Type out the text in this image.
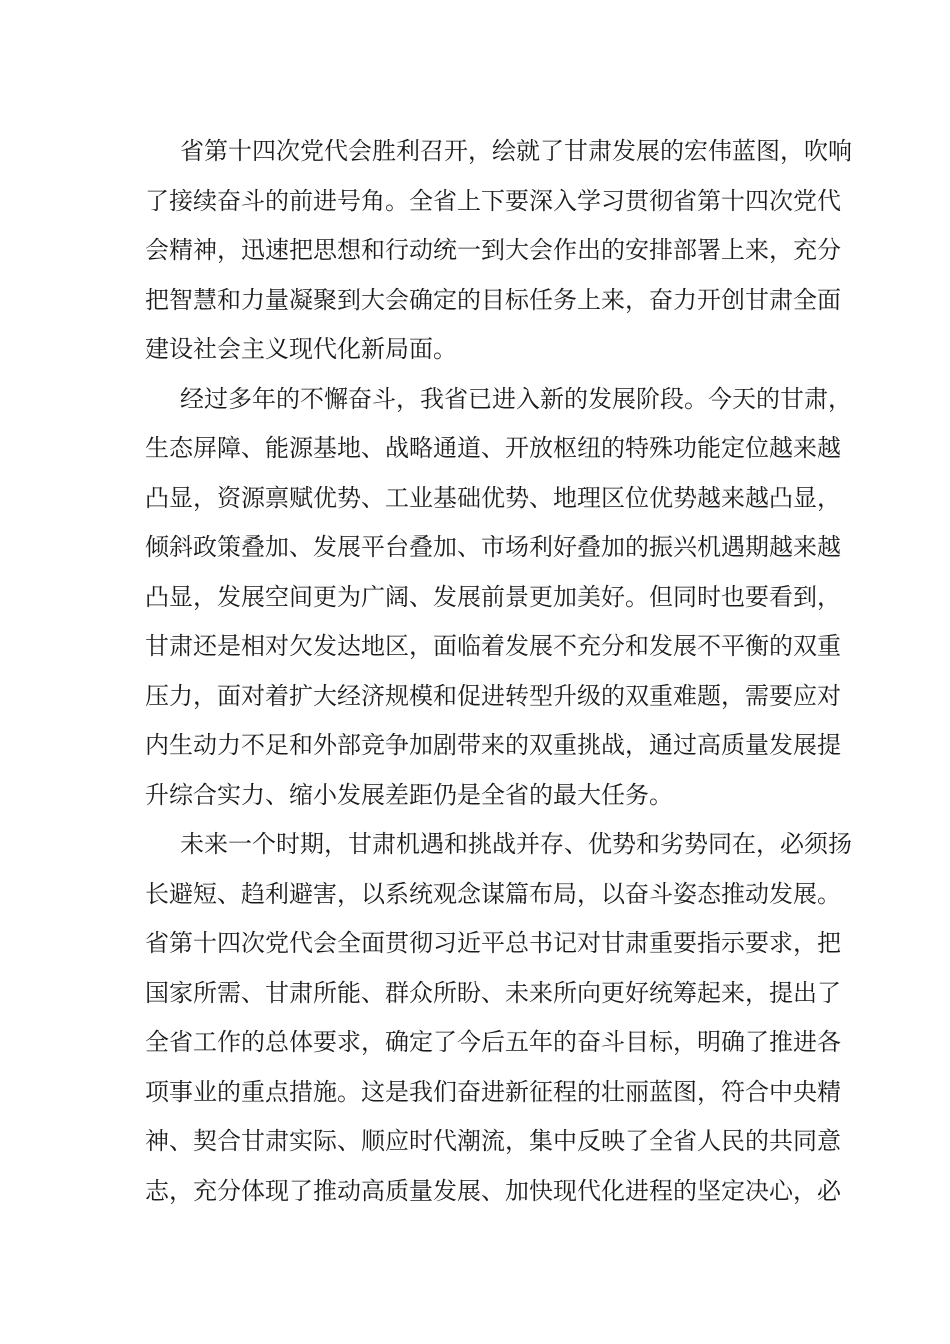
省第十四次党代会胜利召开，绘就了甘肃发展的宏伟蓝图，吹响
了接续奋斗的前进号角。全省上下要深入学习贯彻省第十四次党代
会精神，迅速把思想和行动统一到大会作出的安排部署上来，充分
把智慧和力量凝聚到大会确定的目标任务上来，奋力开创甘肃全面
建设社会主义现代化新局面。
经过多年的不懈奋斗，我省已进入新的发展阶段。今天的甘肃，
生态屏障、能源基地、战略通道、开放枢纽的特殊功能定位越来越
凸显，资源禀赋优势、工业基础优势、地理区位优势越来越凸显，
倾斜政策叠加、发展平台叠加、市场利好叠加的振兴机遇期越来越
凸显，发展空间更为广阔、发展前景更加美好。但同时也要看到，
甘肃还是相对欠发达地区，面临着发展不充分和发展不平衡的双重
压力，面对着扩大经济规模和促进转型升级的双重难题，需要应对
内生动力不足和外部竞争加剧带来的双重挑战，通过高质量发展提
升综合实力、缩小发展差距仍是全省的最大任务。
未来一个时期，甘肃机遇和挑战并存、优势和劣势同在，必须扬
长避短、趋利避害，以系统观念谋篇布局，以奋斗姿态推动发展。
省第十四次党代会全面贯彻习近平总书记对甘肃重要指示要求，把
国家所需、甘肃所能、群众所盼、未来所向更好统筹起来，提出了
全省工作的总体要求，确定了今后五年的奋斗目标，明确了推进各
项事业的重点措施。这是我们奋进新征程的壮丽蓝图，符合中央精
神、契合甘肃实际、顺应时代潮流，集中反映了全省人民的共同意
志，充分体现了推动高质量发展、加快现代化进程的坚定决心，必
